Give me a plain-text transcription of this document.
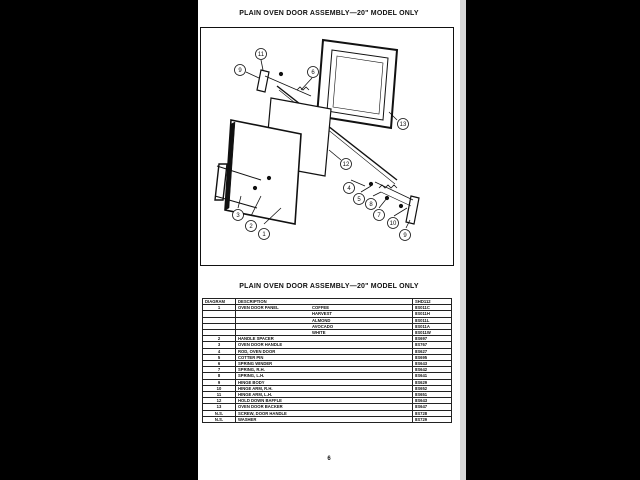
PLAIN OVEN DOOR ASSEMBLY—20" MODEL ONLY
1
2
3
4
5
6
7
8
9
9
10
11
12
13
PLAIN OVEN DOOR ASSEMBLY—20" MODEL ONLY
DIAGRAM	DESCRIPTION	SHD112
1	OVEN DOOR PANEL COFFEE	8S011C

	HARVEST	8S011H

	ALMOND	8S011L

	AVOCADO	8S011A

	WHITE	8S011W
2	HANDLE SPACER	8S697
3	OVEN DOOR HANDLE	8S767
4	ROD, OVEN DOOR	8S627
5	COTTER PIN	8S695
6	SPRING WINDER	8S643
7	SPRING, R.H.	8S642
8	SPRING, L.H.	8S641
9	HINGE BODY	8S629
10	HINGE ARM, R.H.	8S652
11	HINGE ARM, L.H.	8S651
12	HOLD DOWN BAFFLE	8S643
13	OVEN DOOR BACKER	8S647
N.S.	SCREW, DOOR HANDLE	8S728
N.S.	WASHER	8S729
6
